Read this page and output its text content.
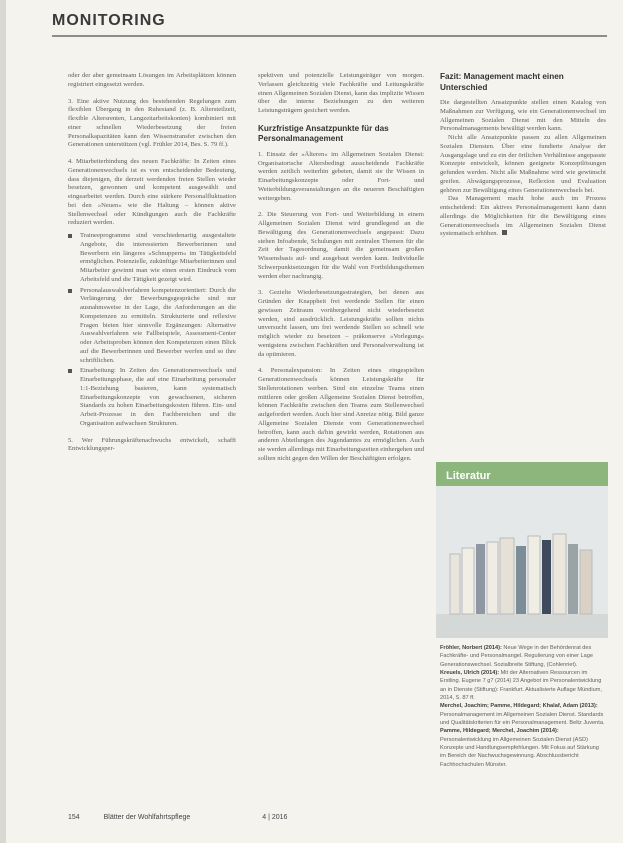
MONITORING

oder der aber gemeinsam Lösungen im Arbeitsplätzen können registriert eingesetzt werden.

3. Eine aktive Nutzung des bestehenden Regelungen zum flexiblen Übergang in den Ruhestand (z. B. Altersteilzeit, flexible Altersrenten, Langzeitarbeitskonten) kombiniert mit einer schnellen Wiederbesetzung der freien Personalkapazitäten kann den Wissenstransfer zwischen den Generationen unterstützen (vgl. Frühler 2014, Bes. S. 79 ff.).

4. Mitarbeiterbindung des neuen Fachkräfte: In Zeiten eines Generationenwechsels ist es von entscheidender Bedeutung, dass diejenigen, die derzeit werdenden freien Stellen wieder besetzen, gewonnen und kompetent ausgewählt und eingearbeitet werden. Durch eine stärkere Personalfluktuation bei den »Neuen« wie die Haltung – können aktive Stellenwechsel oder Kündigungen auch die Fachkräfte reduziert werden.

Traineeprogramme sind verschiedenartig ausgestaltete Angebote, die interessierten Bewerberinnen und Bewerbern ein längeres »Schnuppern« im Tätigkeitsfeld ermöglichen. Potenzielle, zukünftige Mitarbeiterinnen und Mitarbeiter gewinnt man wie einen ersten Eindruck vom Arbeitsfeld und die Tätigkeit gezeigt wird.
Personalauswahlverfahren kompetenzorientiert: Durch die Verlängerung der Bewerbungsgespräche sind nur ausnahmsweise in der Lage, die Anforderungen an die Kompetenzen zu ermitteln. Strukturierte und reflexive Fragen bieten hier sinnvolle Ergänzungen: Alternative Auswahlverfahren wie Fallbeispiele, Assessment-Center oder Arbeitsproben können den Kompetenzen einen Blick auf die Bewerberinnen und Bewerber werfen und so ihre schriftlichen.
Einarbeitung: In Zeiten des Generationenwechsels und Einarbeitungsphase, die auf eine Einarbeitung personaler 1:1-Beziehung basieren, kann systematisch Einarbeitungskonzepte von gewachsenen, sicheren Standards zu hohen Einarbeitungskosten führen. Ein- und Arbeit-Prozesse in den Fachbereichen und die Organisation aufwachsen Strukturen.

5. Wer Führungskräftenachwuchs entwickelt, schafft Entwicklungsper-

spektiven und potenzielle Leistungsträger von morgen. Verlassen gleichzeitig viele Fachkräfte und Leitungskräfte einen Allgemeinen Sozialen Dienst, kann das implizite Wissen über die interne Beziehungen zu den weiteren Leistungsträgern gesichert werden.

Kurzfristige Ansatzpunkte für das Personalmanagement

1. Einsatz der »Älteren« im Allgemeinen Sozialen Dienst: Organisatorische Altersbedingt ausscheidende Fachkräfte werden zeitlich weiterhin gebeten, damit sie ihr Wissen in Einarbeitungskonzepte oder Fort- und Weiterbildungsveranstaltungen an die neueren Beschäftigten weitergeben.

2. Die Steuerung von Fort- und Weiterbildung in einem Allgemeinen Sozialen Dienst wird grundlegend an die Bewältigung des Generationenwechsels angepasst: Dazu stehen Infoabende, Schulungen mit zentralen Themen für die Zeit der Tagesordnung, damit die gemeinsam großen Wissensbasis auf- und ausgebaut werden kann. Individuelle Schwerpunktsetzungen für die Wahl von Fortbildungsthemen werden eher nachrangig.

3. Gezielte Wiederbesetzungsstrategien, bei denen aus Gründen der Knappheit frei werdende Stellen für einen gewissen Zeitraum vorübergehend nicht wiederbesetzt werden, sind ausdrücklich. Leistungskräfte sollten nichts unversucht lassen, um frei werdende Stellen so schnell wie möglich wieder zu besetzen – präkonserve »Vorlegung« wenigstens zwischen Fachkräften und Personalverwaltung ist da optimieren.

4. Personalexpansion: In Zeiten eines eingespielten Generationenwechsels können Leistungskräfte für Stellenrotationen werben. Sind ein einzelne Teams einen mittleren oder großen Allgemeine Sozialen Dienst betroffen, können Fachkräfte zwischen den Teams zum Stellenwechsel aufgefordert werden. Auch hier sind Anreize nötig. Bild ganze Allgemeine Sozialen Dienste vom Generationenwechsel betroffen, kann auch da'hin gewirkt werden, Rotationen aus anderen Abteilungen des Jugendamtes zu ermöglichen. Auch sie werden allerdings mit Einarbeitungszeiten einhergehen und sollten nicht gegen den Willen der Beschäftigten erfolgen.

Fazit: Management macht einen Unterschied

Die dargestellten Ansatzpunkte stellen einen Katalog von Maßnahmen zur Verfügung, wie ein Generationenwechsel im Allgemeinen Sozialen Dienst mit den Mitteln des Personalmanagements bewältigt werden kann.

Nicht alle Ansatzpunkte passen zu allen Allgemeinen Sozialen Diensten. Über eine fundierte Analyse der Ausgangslage und zu ein der örtlichen Verhältnisse angepasste Konzepte entwickelt, können geeignete Konzeptlösungen gefunden werden. Nicht alle Maßnahme wird wie gewünscht greifen. Abwägungsprozesse, Reflexion und Evaluation gehören zur Bewältigung eines Generationenwechsels bei.

Das Management macht hohe auch im Prozess entscheidend: Ein aktives Personalmanagement kann dann allerdings die Möglichkeiten für die Bewältigung eines Generationenwechsels im Allgemeinen Sozialen Dienst systematisch erhöhen.

Literatur

Fröhler, Norbert (2014): Neue Wege in der Behördenrat des Fachkräfte- und Personalmangel. Regulierung von einer Lage Generationswechsel. Sozialbreite Stiftung, (Cohlenriet).

Kreuels, Ulrich (2014): Mit der Alternativen Ressourcen im Erstling. Eugene 7 g7 (2014) 23 Angebot im Personalentwicklung an in Dienste (Stiftung): Frankfurt. Aktualisierte Auflage Mündium, 2014, S. 87 ff.

Merchel, Joachim; Pamme, Hildegard; Khalaf, Adam (2013): Personalmanagement im Allgemeinen Sozialen Dienst. Standards und Qualitätskriterien für ein Personalmanagement. Beltz Juventa.

Pamme, Hildegard; Merchel, Joachim (2014): Personalentwicklung im Allgemeinen Sozialen Dienst (ASD) Konzepte und Handlungsempfehlungen. Mit Fokus auf Stärkung im Bereich der Nachwuchsgewinnung. Abschlussbericht Fachhochschulen Münster.

154	Blätter der Wohlfahrtspflege	4 | 2016
